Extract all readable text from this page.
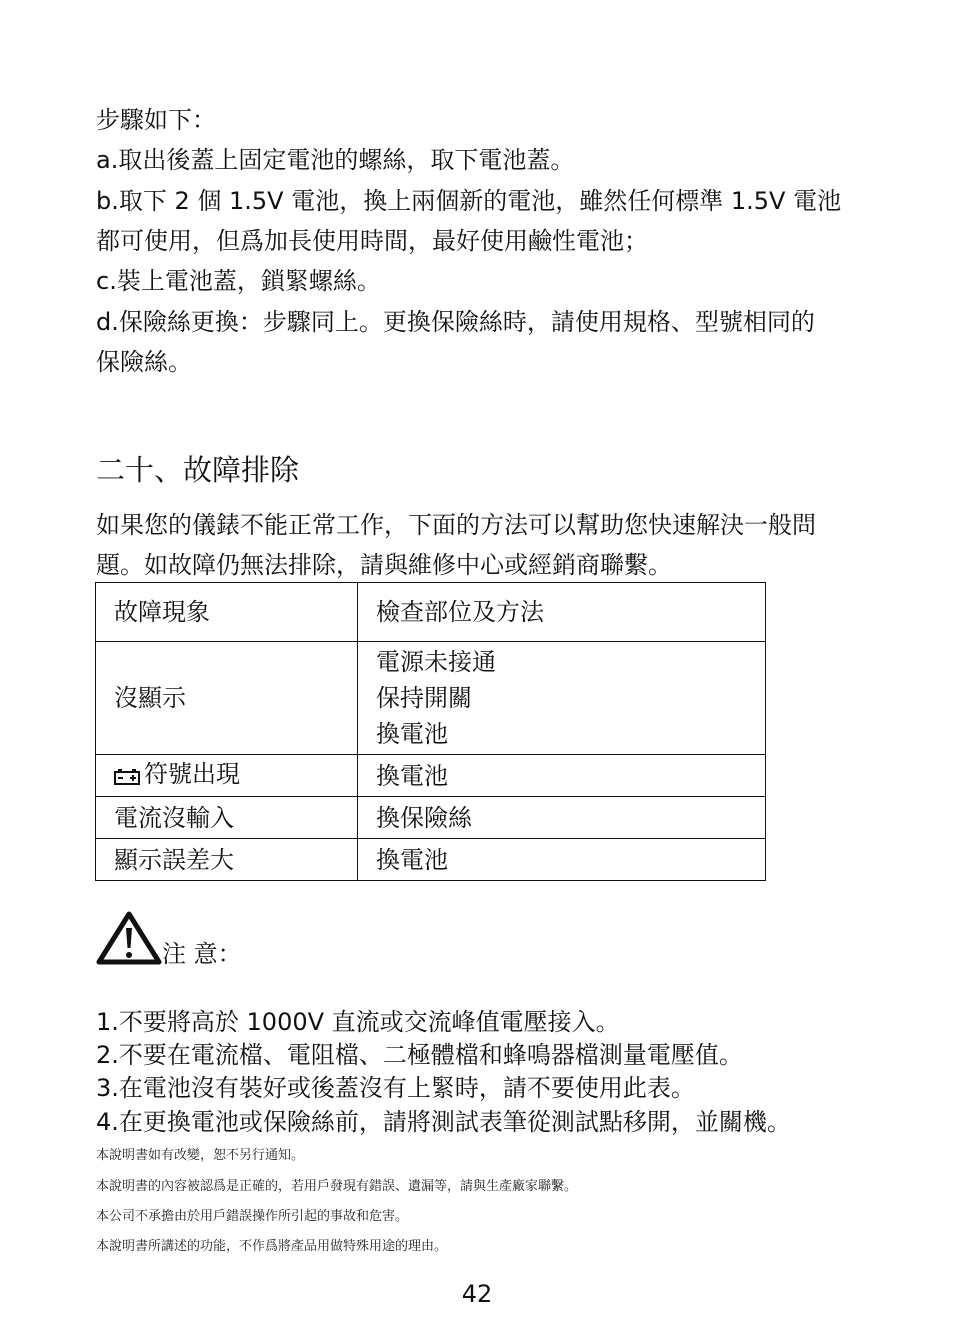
步驟如下：
a.取出後蓋上固定電池的螺絲，取下電池蓋。
b.取下 2 個 1.5V 電池，換上兩個新的電池，雖然任何標準 1.5V 電池
都可使用，但爲加長使用時間，最好使用鹼性電池；
c.裝上電池蓋，鎖緊螺絲。
d.保險絲更換：步驟同上。更換保險絲時，請使用規格、型號相同的
保險絲。
二十、故障排除
如果您的儀錶不能正常工作，下面的方法可以幫助您快速解決一般問
題。如故障仍無法排除，請與維修中心或經銷商聯繫。
故障現象	檢查部位及方法
沒顯示	電源未接通
保持開關
換電池

符號出現	換電池
電流沒輸入	換保險絲
顯示誤差大	換電池
注 意：
1.不要將高於 1000V 直流或交流峰值電壓接入。
2.不要在電流檔、電阻檔、二極體檔和蜂鳴器檔測量電壓值。
3.在電池沒有裝好或後蓋沒有上緊時，請不要使用此表。
4.在更換電池或保險絲前，請將測試表筆從測試點移開，並關機。
本說明書如有改變，恕不另行通知。
本說明書的內容被認爲是正確的，若用戶發現有錯誤、遺漏等，請與生產廠家聯繫。
本公司不承擔由於用戶錯誤操作所引起的事故和危害。
本說明書所講述的功能，不作爲將產品用做特殊用途的理由。
42
